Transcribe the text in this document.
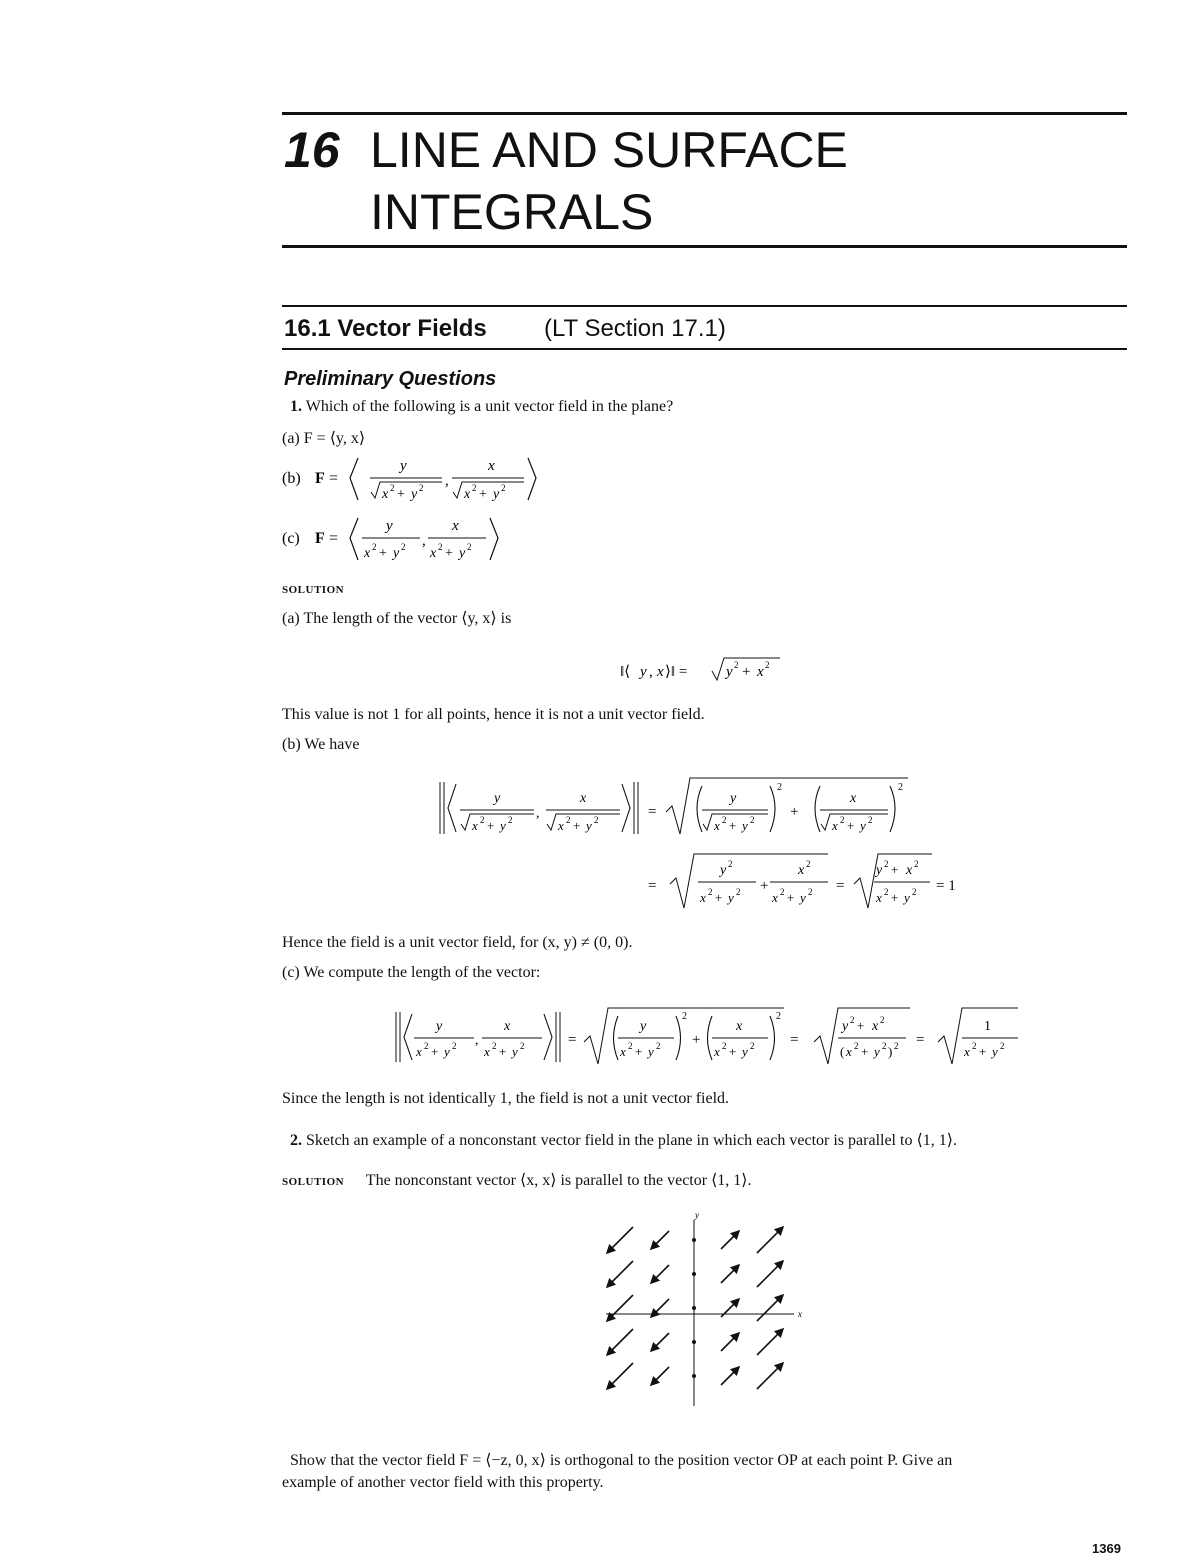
16 LINE AND SURFACE
INTEGRALS
16.1 Vector Fields (LT Section 17.1)
Preliminary Questions
1. Which of the following is a unit vector field in the plane?
(a) F = ⟨y, x⟩
(b) F =
y
x 2 + y 2 ,
x
x 2 + y 2
(c) F =
y
x 2 + y 2 ,
x
x 2 + y 2
SOLUTION
(a) The length of the vector ⟨y, x⟩ is
‖⟨ y , x ⟩‖ =	y 2 + x 2
This value is not 1 for all points, hence it is not a unit vector field.
(b) We have
y
x 2 + y 2 ,
x
x 2 + y 2	=
y
x 2 + y 2
2
+
x
x 2 + y 2
2
=
y 2
x 2 + y 2 +
x 2
x 2 + y 2 =
y 2 + x 2
x 2 + y 2 = 1
Hence the field is a unit vector field, for (x, y) ≠ (0, 0).
(c) We compute the length of the vector:
y
x 2 + y 2 ,
x
x 2 + y 2	=
y
x 2 + y 2
2
+
x
x 2 + y 2
2
=
y 2 + x 2
( x 2 + y 2 ) 2 =
1
x 2 + y 2
Since the length is not identically 1, the field is not a unit vector field.
2. Sketch an example of a nonconstant vector field in the plane in which each vector is parallel to ⟨1, 1⟩.
SOLUTION The nonconstant vector ⟨x, x⟩ is parallel to the vector ⟨1, 1⟩.
x
y
Show that the vector field F = ⟨−z, 0, x⟩ is orthogonal to the position vector OP at each point P. Give an
example of another vector field with this property.
1369
